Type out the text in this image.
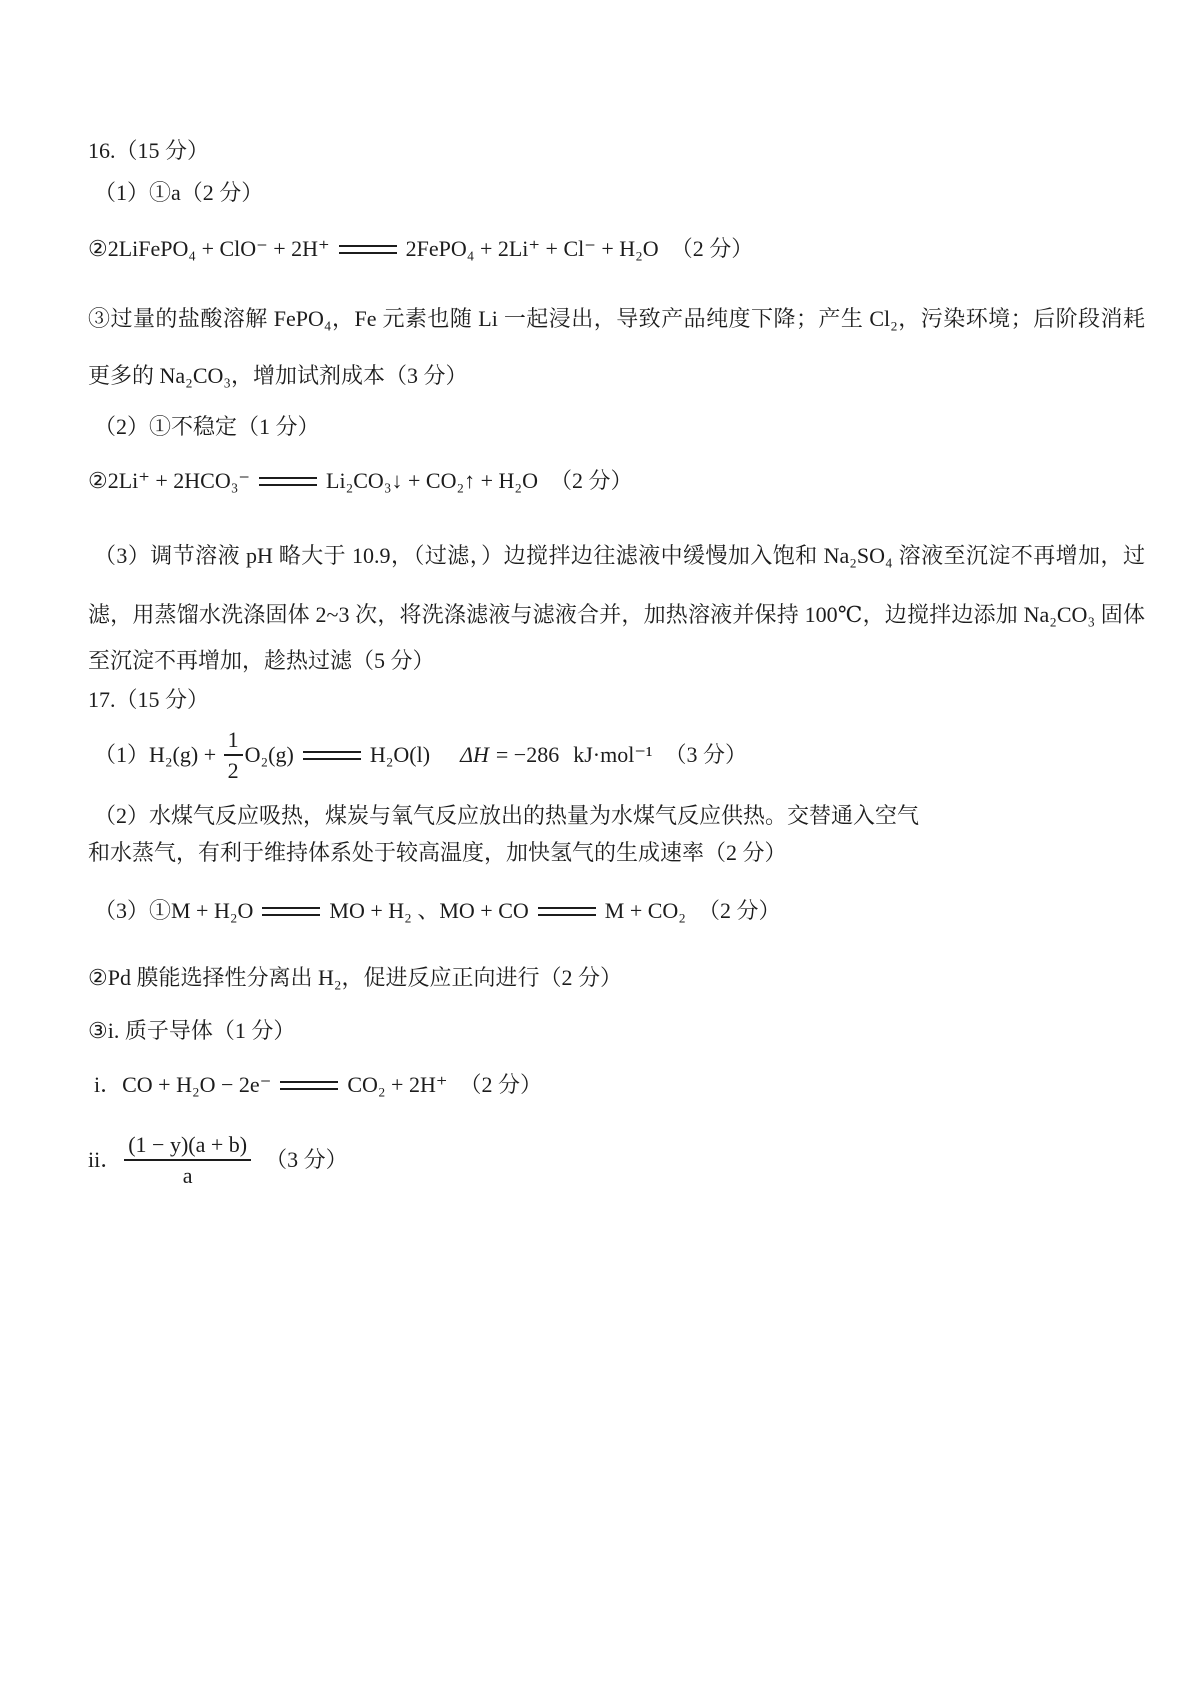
16.（15 分）
（1）①a（2 分）
②2LiFePO₄ + ClO⁻ + 2H⁺	2FePO₄ + 2Li⁺ + Cl⁻ + H₂O （2 分）
③过量的盐酸溶解 FePO₄，Fe 元素也随 Li 一起浸出，导致产品纯度下降；产生 Cl₂，污染环境；后阶段消耗
更多的 Na₂CO₃，增加试剂成本（3 分）
（2）①不稳定（1 分）
②2Li⁺ + 2HCO₃⁻	Li₂CO₃↓ + CO₂↑ + H₂O （2 分）
（3）调节溶液 pH 略大于 10.9，（过滤，）边搅拌边往滤液中缓慢加入饱和 Na₂SO₄ 溶液至沉淀不再增加，过
滤，用蒸馏水洗涤固体 2~3 次，将洗涤滤液与滤液合并，加热溶液并保持 100℃，边搅拌边添加 Na₂CO₃ 固体
至沉淀不再增加，趁热过滤（5 分）
17.（15 分）
$(1)H_2(g) + \frac{1}{2} O_2(g)$	H₂O(l) ΔH = −286 kJ·mol⁻¹ （3 分）
（2）水煤气反应吸热，煤炭与氧气反应放出的热量为水煤气反应供热。交替通入空气
和水蒸气，有利于维持体系处于较高温度，加快氢气的生成速率（2 分）
（3）①M + H₂O	MO + H₂ 、 MO + CO	M + CO₂ （2 分）
②Pd 膜能选择性分离出 H₂，促进反应正向进行（2 分）
③i. 质子导体（1 分）
i．CO + H₂O − 2e⁻	CO₂ + 2H⁺ （2 分）
ii． $\frac{(1 - y)(a + b)}{a} (3$ 分）
